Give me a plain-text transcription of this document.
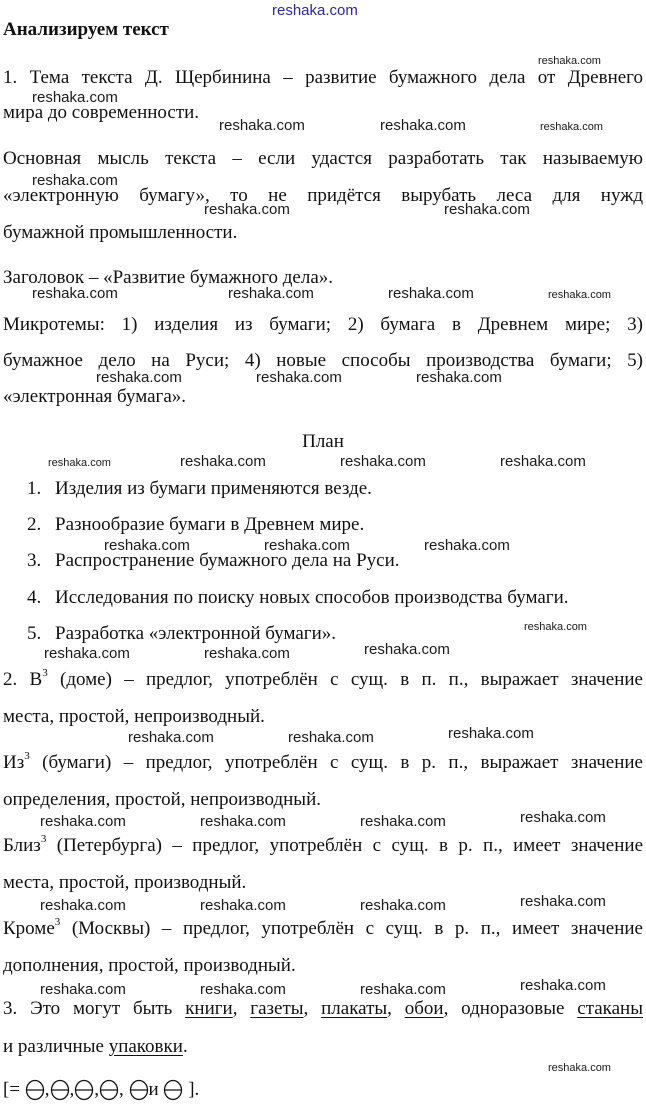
reshaka.com
Анализируем текст
1. Тема текста Д. Щербинина – развитие бумажного дела от Древнего
мира до современности.
Основная мысль текста – если удастся разработать так называемую
«электронную бумагу», то не придётся вырубать леса для нужд
бумажной промышленности.
Заголовок – «Развитие бумажного дела».
Микротемы: 1) изделия из бумаги; 2) бумага в Древнем мире; 3)
бумажное дело на Руси; 4) новые способы производства бумаги; 5)
«электронная бумага».
План
1. Изделия из бумаги применяются везде.
2. Разнообразие бумаги в Древнем мире.
3. Распространение бумажного дела на Руси.
4. Исследования по поиску новых способов производства бумаги.
5. Разработка «электронной бумаги».
2. $В^3$ (доме) – предлог, употреблён с сущ. в п. п., выражает значение
места, простой, непроизводный.
$Из^3$ (бумаги) – предлог, употреблён с сущ. в р. п., выражает значение
определения, простой, непроизводный.
Близ$^3$ (Петербурга) – предлог, употреблён с сущ. в р. п., имеет значение
места, простой, производный.
Кроме$^3$ (Москвы) – предлог, употреблён с сущ. в р. п., имеет значение
дополнения, простой, производный.
3. Это могут быть книги, газеты, плакаты, обои, одноразовые стаканы
и различные упаковки.
[= , , , , и ].
reshaka.com
reshaka.com
reshaka.com	reshaka.com	reshaka.com
reshaka.com
reshaka.com	reshaka.com
reshaka.com	reshaka.com	reshaka.com	reshaka.com
reshaka.com	reshaka.com	reshaka.com
reshaka.com	reshaka.com	reshaka.com	reshaka.com
reshaka.com	reshaka.com	reshaka.com
reshaka.com
reshaka.com	reshaka.com	reshaka.com
reshaka.com
reshaka.com	reshaka.com
reshaka.com
reshaka.com	reshaka.com	reshaka.com
reshaka.com
reshaka.com	reshaka.com	reshaka.com
reshaka.com
reshaka.com	reshaka.com	reshaka.com
reshaka.com
